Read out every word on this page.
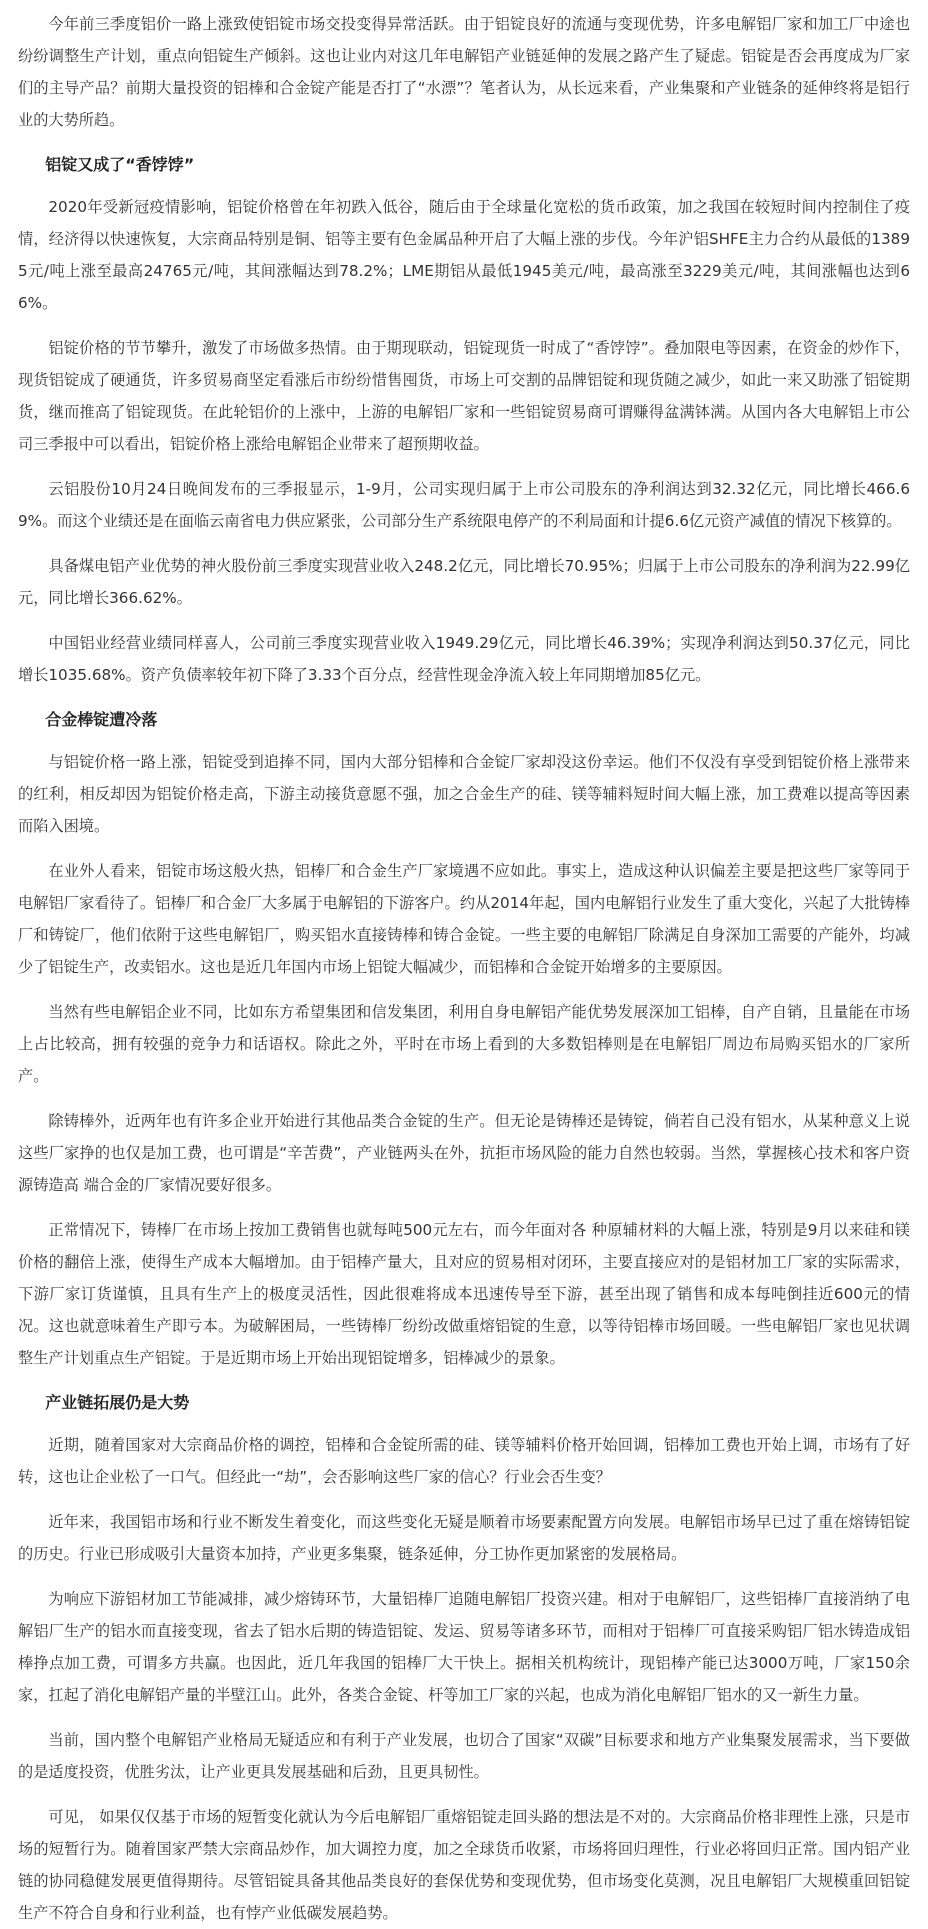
今年前三季度铝价一路上涨致使铝锭市场交投变得异常活跃。由于铝锭良好的流通与变现优势，许多电解铝厂家和加工厂中途也纷纷调整生产计划，重点向铝锭生产倾斜。这也让业内对这几年电解铝产业链延伸的发展之路产生了疑虑。铝锭是否会再度成为厂家们的主导产品？前期大量投资的铝棒和合金锭产能是否打了“水漂”？笔者认为，从长远来看，产业集聚和产业链条的延伸终将是铝行业的大势所趋。

铝锭又成了“香饽饽”

2020年受新冠疫情影响，铝锭价格曾在年初跌入低谷，随后由于全球量化宽松的货币政策，加之我国在较短时间内控制住了疫情，经济得以快速恢复，大宗商品特别是铜、铝等主要有色金属品种开启了大幅上涨的步伐。今年沪铝SHFE主力合约从最低的13895元/吨上涨至最高24765元/吨，其间涨幅达到78.2%；LME期铝从最低1945美元/吨，最高涨至3229美元/吨，其间涨幅也达到66%。

铝锭价格的节节攀升，激发了市场做多热情。由于期现联动，铝锭现货一时成了“香饽饽”。叠加限电等因素，在资金的炒作下，现货铝锭成了硬通货，许多贸易商坚定看涨后市纷纷惜售囤货，市场上可交割的品牌铝锭和现货随之减少，如此一来又助涨了铝锭期货，继而推高了铝锭现货。在此轮铝价的上涨中，上游的电解铝厂家和一些铝锭贸易商可谓赚得盆满钵满。从国内各大电解铝上市公司三季报中可以看出，铝锭价格上涨给电解铝企业带来了超预期收益。

云铝股份10月24日晚间发布的三季报显示，1-9月，公司实现归属于上市公司股东的净利润达到32.32亿元，同比增长466.69%。而这个业绩还是在面临云南省电力供应紧张，公司部分生产系统限电停产的不利局面和计提6.6亿元资产减值的情况下核算的。

具备煤电铝产业优势的神火股份前三季度实现营业收入248.2亿元，同比增长70.95%；归属于上市公司股东的净利润为22.99亿元，同比增长366.62%。

中国铝业经营业绩同样喜人，公司前三季度实现营业收入1949.29亿元，同比增长46.39%；实现净利润达到50.37亿元，同比增长1035.68%。资产负债率较年初下降了3.33个百分点，经营性现金净流入较上年同期增加85亿元。

合金棒锭遭冷落

与铝锭价格一路上涨，铝锭受到追捧不同，国内大部分铝棒和合金锭厂家却没这份幸运。他们不仅没有享受到铝锭价格上涨带来的红利，相反却因为铝锭价格走高，下游主动接货意愿不强，加之合金生产的硅、镁等辅料短时间大幅上涨，加工费难以提高等因素而陷入困境。

在业外人看来，铝锭市场这般火热，铝棒厂和合金生产厂家境遇不应如此。事实上，造成这种认识偏差主要是把这些厂家等同于电解铝厂家看待了。铝棒厂和合金厂大多属于电解铝的下游客户。约从2014年起，国内电解铝行业发生了重大变化，兴起了大批铸棒厂和铸锭厂，他们依附于这些电解铝厂，购买铝水直接铸棒和铸合金锭。一些主要的电解铝厂除满足自身深加工需要的产能外，均减少了铝锭生产，改卖铝水。这也是近几年国内市场上铝锭大幅减少，而铝棒和合金锭开始增多的主要原因。

当然有些电解铝企业不同，比如东方希望集团和信发集团，利用自身电解铝产能优势发展深加工铝棒，自产自销，且量能在市场上占比较高，拥有较强的竞争力和话语权。除此之外，平时在市场上看到的大多数铝棒则是在电解铝厂周边布局购买铝水的厂家所产。

除铸棒外，近两年也有许多企业开始进行其他品类合金锭的生产。但无论是铸棒还是铸锭，倘若自己没有铝水，从某种意义上说这些厂家挣的也仅是加工费，也可谓是“辛苦费”，产业链两头在外，抗拒市场风险的能力自然也较弱。当然，掌握核心技术和客户资源铸造高 端合金的厂家情况要好很多。

正常情况下，铸棒厂在市场上按加工费销售也就每吨500元左右，而今年面对各 种原辅材料的大幅上涨，特别是9月以来硅和镁价格的翻倍上涨，使得生产成本大幅增加。由于铝棒产量大，且对应的贸易相对闭环，主要直接应对的是铝材加工厂家的实际需求，下游厂家订货谨慎，且具有生产上的极度灵活性，因此很难将成本迅速传导至下游，甚至出现了销售和成本每吨倒挂近600元的情况。这也就意味着生产即亏本。为破解困局，一些铸棒厂纷纷改做重熔铝锭的生意，以等待铝棒市场回暖。一些电解铝厂家也见状调整生产计划重点生产铝锭。于是近期市场上开始出现铝锭增多，铝棒减少的景象。

产业链拓展仍是大势

近期，随着国家对大宗商品价格的调控，铝棒和合金锭所需的硅、镁等辅料价格开始回调，铝棒加工费也开始上调，市场有了好转，这也让企业松了一口气。但经此一“劫”，会否影响这些厂家的信心？行业会否生变？

近年来，我国铝市场和行业不断发生着变化，而这些变化无疑是顺着市场要素配置方向发展。电解铝市场早已过了重在熔铸铝锭的历史。行业已形成吸引大量资本加持，产业更多集聚，链条延伸，分工协作更加紧密的发展格局。

为响应下游铝材加工节能减排，减少熔铸环节，大量铝棒厂追随电解铝厂投资兴建。相对于电解铝厂，这些铝棒厂直接消纳了电解铝厂生产的铝水而直接变现，省去了铝水后期的铸造铝锭、发运、贸易等诸多环节，而相对于铝棒厂可直接采购铝厂铝水铸造成铝棒挣点加工费，可谓多方共赢。也因此，近几年我国的铝棒厂大干快上。据相关机构统计，现铝棒产能已达3000万吨，厂家150余家，扛起了消化电解铝产量的半壁江山。此外，各类合金锭、杆等加工厂家的兴起，也成为消化电解铝厂铝水的又一新生力量。

当前，国内整个电解铝产业格局无疑适应和有利于产业发展，也切合了国家“双碳”目标要求和地方产业集聚发展需求，当下要做的是适度投资，优胜劣汰，让产业更具发展基础和后劲，且更具韧性。

可见， 如果仅仅基于市场的短暂变化就认为今后电解铝厂重熔铝锭走回头路的想法是不对的。大宗商品价格非理性上涨，只是市场的短暂行为。随着国家严禁大宗商品炒作，加大调控力度，加之全球货币收紧，市场将回归理性，行业必将回归正常。国内铝产业链的协同稳健发展更值得期待。尽管铝锭具备其他品类良好的套保优势和变现优势，但市场变化莫测，况且电解铝厂大规模重回铝锭生产不符合自身和行业利益，也有悖产业低碳发展趋势。
